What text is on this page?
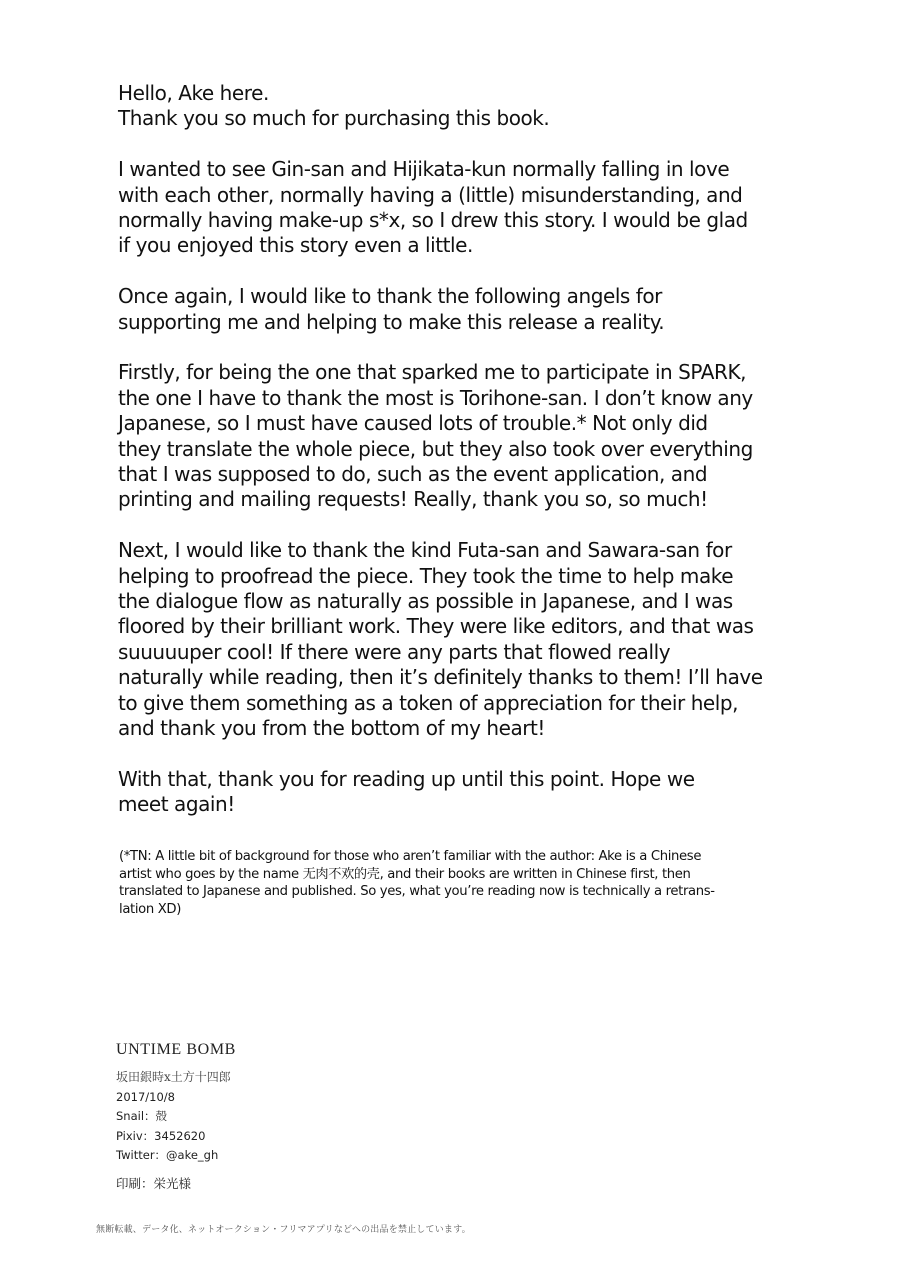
Hello, Ake here.
Thank you so much for purchasing this book.

I wanted to see Gin-san and Hijikata-kun normally falling in love
with each other, normally having a (little) misunderstanding, and
normally having make-up s*x, so I drew this story. I would be glad
if you enjoyed this story even a little.

Once again, I would like to thank the following angels for
supporting me and helping to make this release a reality.

Firstly, for being the one that sparked me to participate in SPARK,
the one I have to thank the most is Torihone-san. I don’t know any
Japanese, so I must have caused lots of trouble.* Not only did
they translate the whole piece, but they also took over everything
that I was supposed to do, such as the event application, and
printing and mailing requests! Really, thank you so, so much!

Next, I would like to thank the kind Futa-san and Sawara-san for
helping to proofread the piece. They took the time to help make
the dialogue flow as naturally as possible in Japanese, and I was
floored by their brilliant work. They were like editors, and that was
suuuuuper cool! If there were any parts that flowed really
naturally while reading, then it’s definitely thanks to them! I’ll have
to give them something as a token of appreciation for their help,
and thank you from the bottom of my heart!

With that, thank you for reading up until this point. Hope we
meet again!

(*TN: A little bit of background for those who aren’t familiar with the author: Ake is a Chinese
artist who goes by the name 无肉不欢的壳, and their books are written in Chinese first, then
translated to Japanese and published. So yes, what you’re reading now is technically a retrans-
lation XD)
UNTIME BOMB
坂田銀時x土方十四郎
2017/10/8
Snail：殻
Pixiv：3452620
Twitter：@ake_gh
印刷：栄光様
無断転載、データ化、ネットオークション・フリマアプリなどへの出品を禁止しています。
